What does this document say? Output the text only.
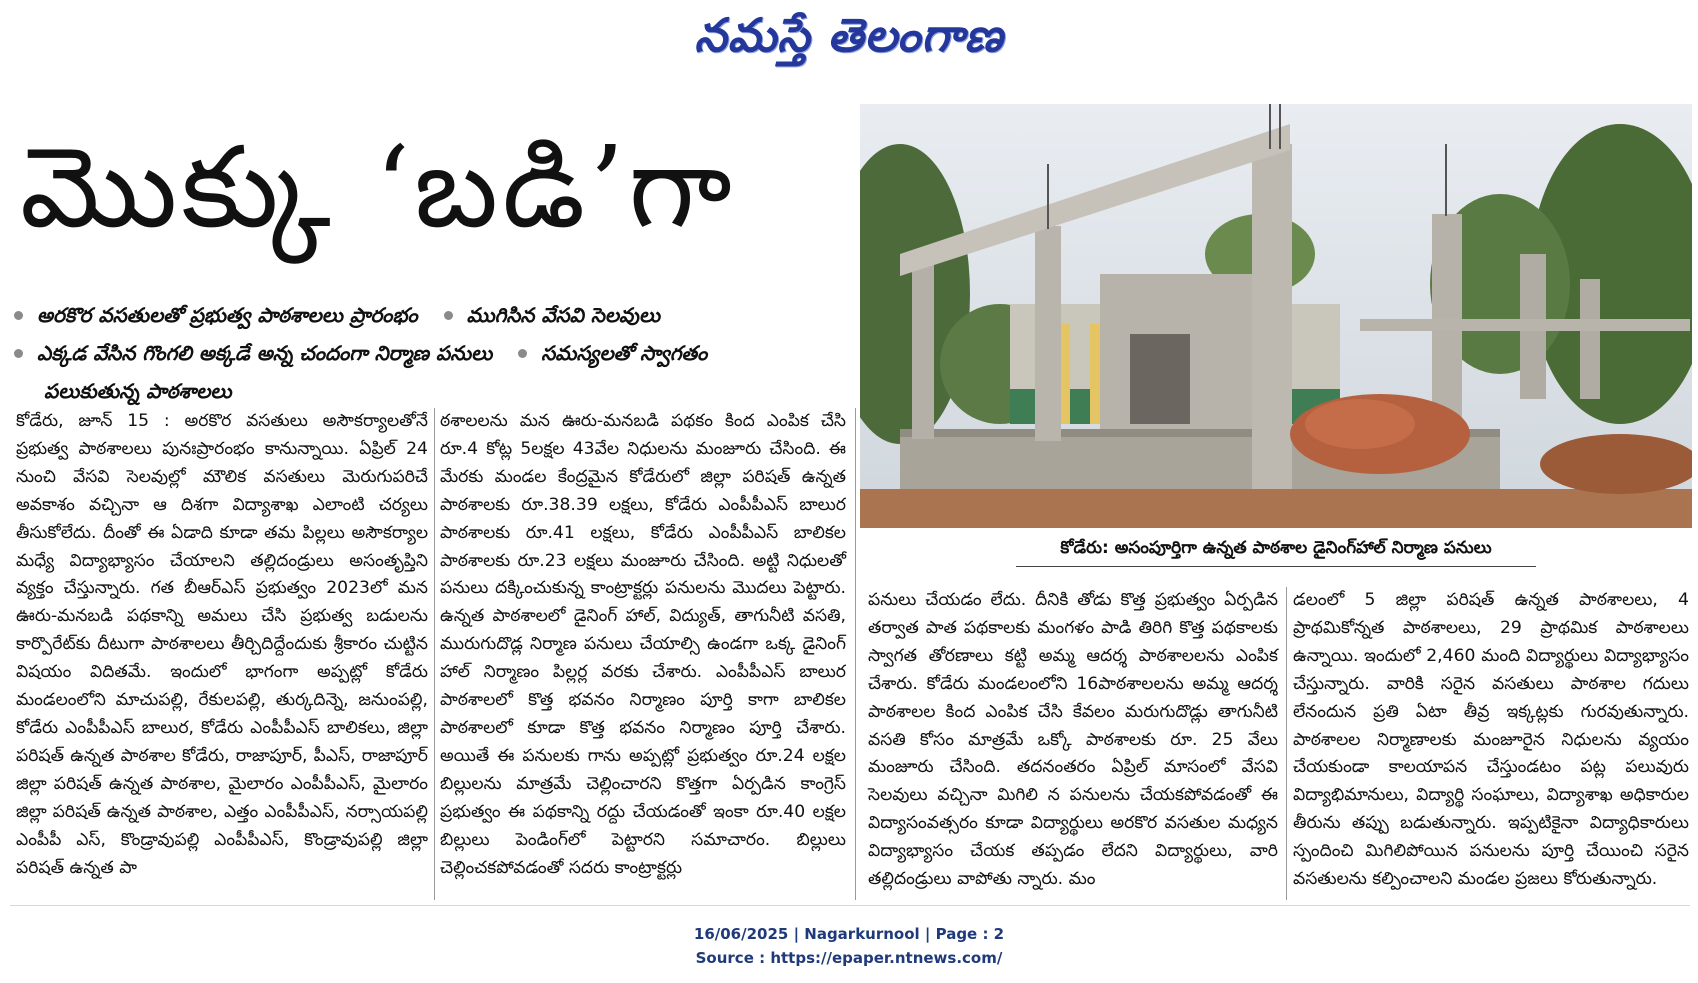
నమస్తే తెలంగాణ
మొక్కు ‘బడి’గా
అరకొర వసతులతో ప్రభుత్వ పాఠశాలలు ప్రారంభం ముగిసిన వేసవి సెలవులు
ఎక్కడ వేసిన గొంగలి అక్కడే అన్న చందంగా నిర్మాణ పనులు సమస్యలతో స్వాగతం
పలుకుతున్న పాఠశాలలు

కోడేరు, జూన్ 15 : అరకొర వసతులు అసౌకర్యాలతోనే ప్రభుత్వ పాఠశాలలు పునఃప్రారంభం కానున్నాయి. ఏప్రిల్ 24 నుంచి వేసవి సెలవుల్లో మౌలిక వసతులు మెరుగుపరిచే అవకాశం వచ్చినా ఆ దిశగా విద్యాశాఖ ఎలాంటి చర్యలు తీసుకోలేదు. దీంతో ఈ ఏడాది కూడా తమ పిల్లలు అసౌకర్యాల మధ్యే విద్యాభ్యాసం చేయాలని తల్లిదండ్రులు అసంతృప్తిని వ్యక్తం చేస్తున్నారు. గత బీఆర్ఎస్ ప్రభుత్వం 2023లో మన ఊరు-మనబడి పథకాన్ని అమలు చేసి ప్రభుత్వ బడులను కార్పొరేట్‌కు దీటుగా పాఠశాలలు తీర్చిదిద్దేందుకు శ్రీకారం చుట్టిన విషయం విదితమే. ఇందులో భాగంగా అప్పట్లో కోడేరు మండలంలోని మాచుపల్లి, రేకులపల్లి, తుర్కదిన్నె, జనుంపల్లి, కోడేరు ఎంపీపీఎస్ బాలుర, కోడేరు ఎంపీపీఎస్ బాలికలు, జిల్లా పరిషత్ ఉన్నత పాఠశాల కోడేరు, రాజాపూర్, పీఎస్, రాజాపూర్ జిల్లా పరిషత్ ఉన్నత పాఠశాల, మైలారం ఎంపీపీఎస్, మైలారం జిల్లా పరిషత్ ఉన్నత పాఠశాల, ఎత్తం ఎంపీపీఎస్, నర్సాయపల్లి ఎంపీపీ ఎస్, కొండ్రావుపల్లి ఎంపీపీఎస్, కొండ్రావుపల్లి జిల్లా పరిషత్ ఉన్నత పా

ఠశాలలను మన ఊరు-మనబడి పథకం కింద ఎంపిక చేసి రూ.4 కోట్ల 5లక్షల 43వేల నిధులను మంజూరు చేసింది. ఈ మేరకు మండల కేంద్రమైన కోడేరులో జిల్లా పరిషత్ ఉన్నత పాఠశాలకు రూ.38.39 లక్షలు, కోడేరు ఎంపీపీఎస్ బాలుర పాఠశాలకు రూ.41 లక్షలు, కోడేరు ఎంపీపీఎస్ బాలికల పాఠశాలకు రూ.23 లక్షలు మంజూరు చేసింది. అట్టి నిధులతో పనులు దక్కించుకున్న కాంట్రాక్టర్లు పనులను మొదలు పెట్టారు. ఉన్నత పాఠశాలలో డైనింగ్ హాల్, విద్యుత్, తాగునీటి వసతి, మురుగుదొడ్ల నిర్మాణ పనులు చేయాల్సి ఉండగా ఒక్క డైనింగ్ హాల్ నిర్మాణం పిల్లర్ల వరకు చేశారు. ఎంపీపీఎస్ బాలుర పాఠశాలలో కొత్త భవనం నిర్మాణం పూర్తి కాగా బాలికల పాఠశాలలో కూడా కొత్త భవనం నిర్మాణం పూర్తి చేశారు. అయితే ఈ పనులకు గాను అప్పట్లో ప్రభుత్వం రూ.24 లక్షల బిల్లులను మాత్రమే చెల్లించారని కొత్తగా ఏర్పడిన కాంగ్రెస్ ప్రభుత్వం ఈ పథకాన్ని రద్దు చేయడంతో ఇంకా రూ.40 లక్షల బిల్లులు పెండింగ్‌లో పెట్టారని సమాచారం. బిల్లులు చెల్లించకపోవడంతో సదరు కాంట్రాక్టర్లు

కోడేరు: అసంపూర్తిగా ఉన్నత పాఠశాల డైనింగ్‌హాల్ నిర్మాణ పనులు

పనులు చేయడం లేదు. దీనికి తోడు కొత్త ప్రభుత్వం ఏర్పడిన తర్వాత పాత పథకాలకు మంగళం పాడి తిరిగి కొత్త పథకాలకు స్వాగత తోరణాలు కట్టి అమ్మ ఆదర్శ పాఠశాలలను ఎంపిక చేశారు. కోడేరు మండలంలోని 16పాఠశాలలను అమ్మ ఆదర్శ పాఠశాలల కింద ఎంపిక చేసి కేవలం మరుగుదొడ్లు తాగునీటి వసతి కోసం మాత్రమే ఒక్కో పాఠశాలకు రూ. 25 వేలు మంజూరు చేసింది. తదనంతరం ఏప్రిల్ మాసంలో వేసవి సెలవులు వచ్చినా మిగిలి న పనులను చేయకపోవడంతో ఈ విద్యాసంవత్సరం కూడా విద్యార్థులు అరకొర వసతుల మధ్యన విద్యాభ్యాసం చేయక తప్పడం లేదని విద్యార్థులు, వారి తల్లిదండ్రులు వాపోతు న్నారు. మం

డలంలో 5 జిల్లా పరిషత్ ఉన్నత పాఠశాలలు, 4 ప్రాథమికోన్నత పాఠశాలలు, 29 ప్రాథమిక పాఠశాలలు ఉన్నాయి. ఇందులో 2,460 మంది విద్యార్థులు విద్యాభ్యాసం చేస్తున్నారు. వారికి సరైన వసతులు పాఠశాల గదులు లేనందున ప్రతి ఏటా తీవ్ర ఇక్కట్లకు గురవుతున్నారు. పాఠశాలల నిర్మాణాలకు మంజూరైన నిధులను వ్యయం చేయకుండా కాలయాపన చేస్తుండటం పట్ల పలువురు విద్యాభిమానులు, విద్యార్థి సంఘాలు, విద్యాశాఖ అధికారుల తీరును తప్పు బడుతున్నారు. ఇప్పటికైనా విద్యాధికారులు స్పందించి మిగిలిపోయిన పనులను పూర్తి చేయించి సరైన వసతులను కల్పించాలని మండల ప్రజలు కోరుతున్నారు.

16/06/2025 | Nagarkurnool | Page : 2
Source : https://epaper.ntnews.com/
